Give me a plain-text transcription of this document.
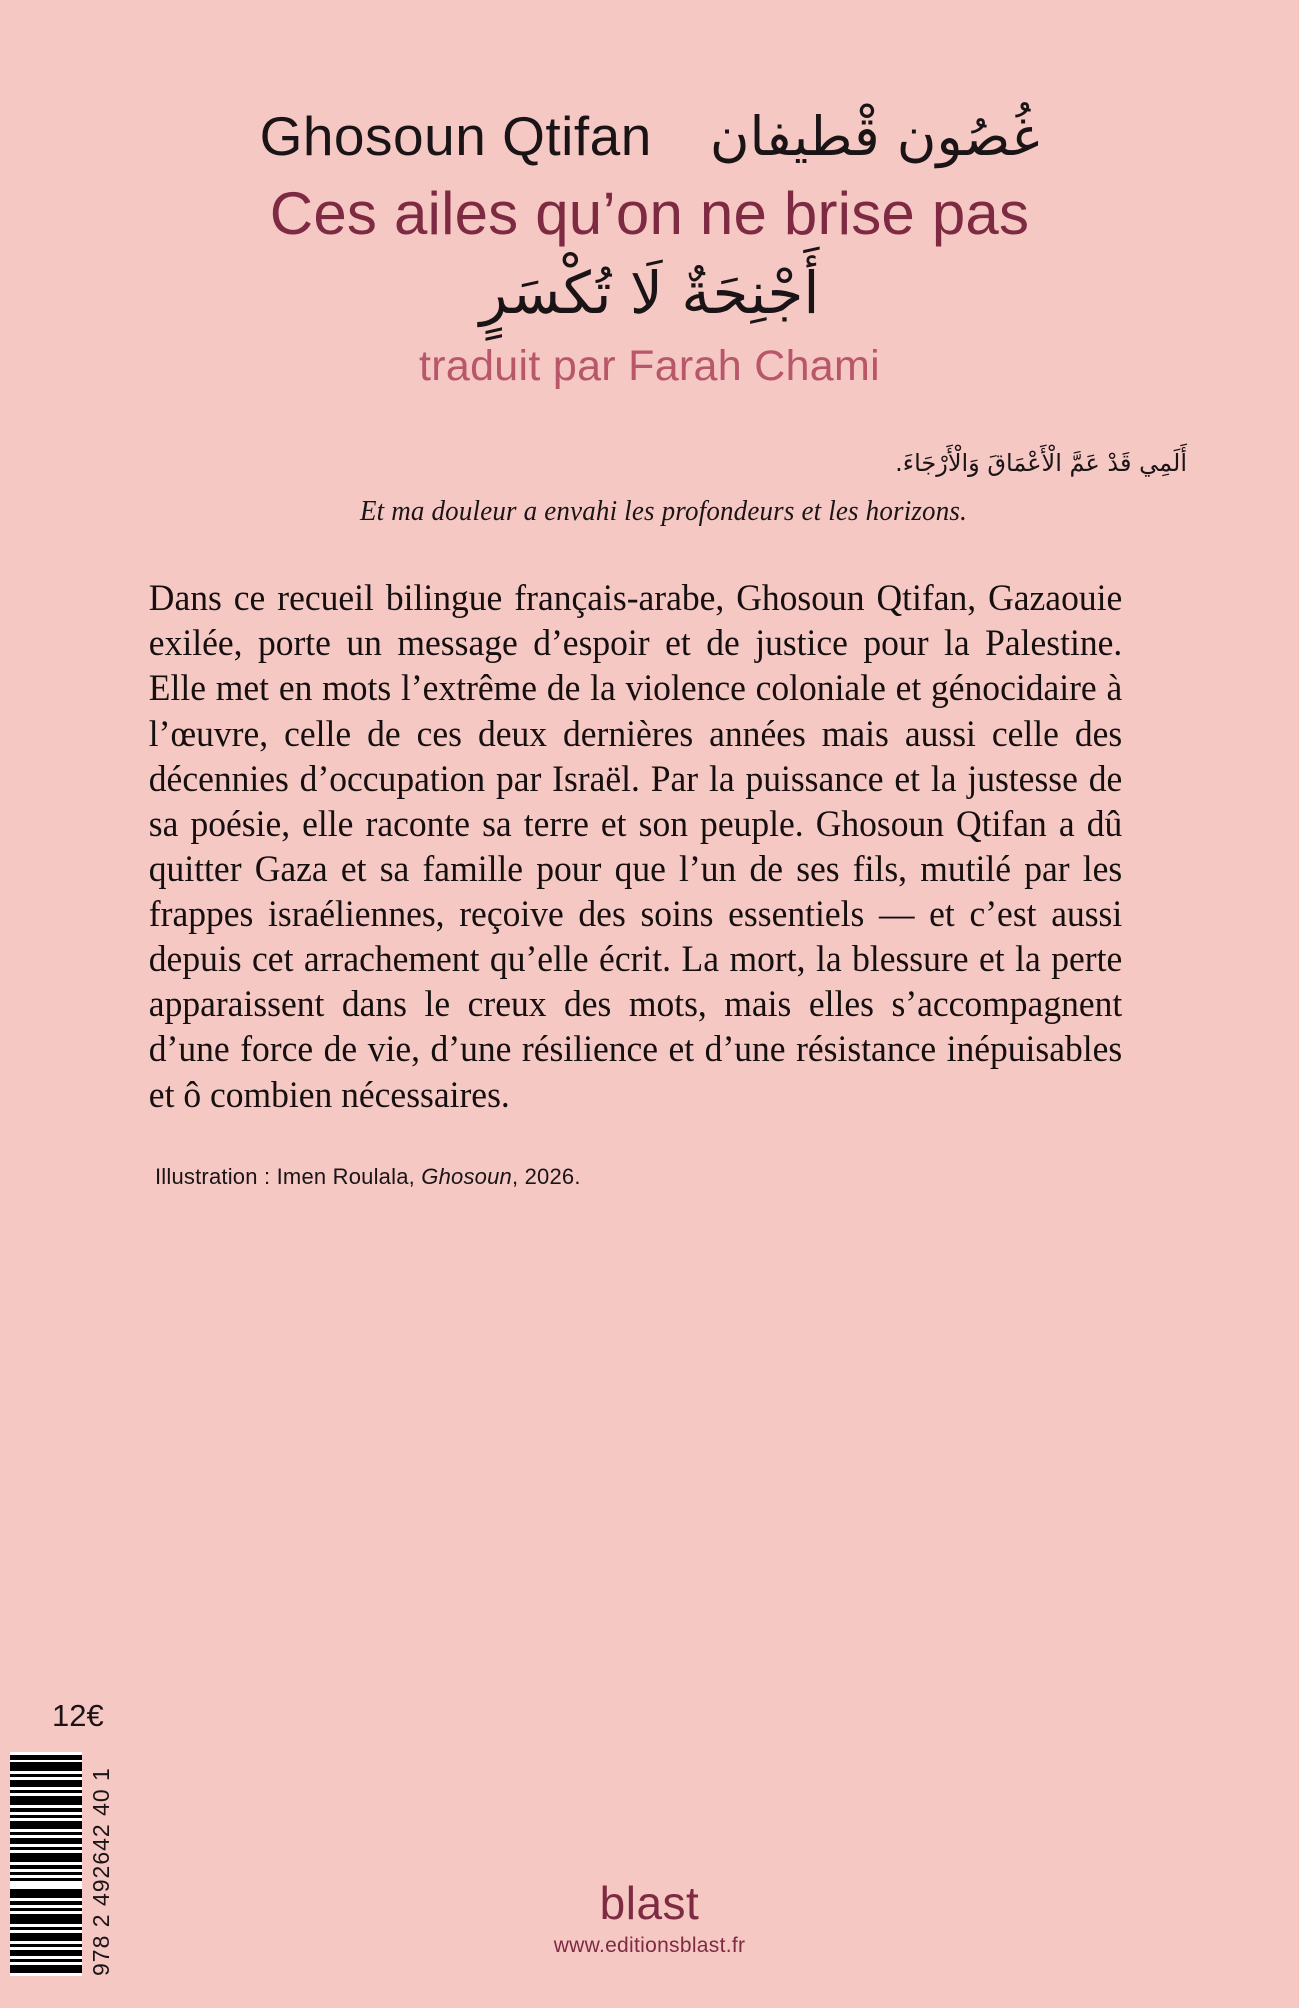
Ghosoun Qtifan غُصُون قْطيفان
Ces ailes qu’on ne brise pas
أَجْنِحَةٌ لَا تُكْسَرٍ
traduit par Farah Chami
أَلَمِي قَدْ عَمَّ الْأَعْمَاقَ وَالْأَرْجَاءَ.
Et ma douleur a envahi les profondeurs et les horizons.

Dans ce recueil bilingue français-arabe, Ghosoun Qtifan, Gazaouie exilée, porte un message d’espoir et de justice pour la Palestine. Elle met en mots l’extrême de la violence coloniale et génocidaire à l’œuvre, celle de ces deux dernières années mais aussi celle des décennies d’occupation par Israël. Par la puissance et la justesse de sa poésie, elle raconte sa terre et son peuple. Ghosoun Qtifan a dû quitter Gaza et sa famille pour que l’un de ses fils, mutilé par les frappes israéliennes, reçoive des soins essentiels — et c’est aussi depuis cet arrachement qu’elle écrit. La mort, la blessure et la perte apparaissent dans le creux des mots, mais elles s’accompagnent d’une force de vie, d’une résilience et d’une résistance inépuisables et ô combien nécessaires.

Illustration : Imen Roulala, Ghosoun, 2026.
12€
978 2 492642 40 1	blast
www.editionsblast.fr
